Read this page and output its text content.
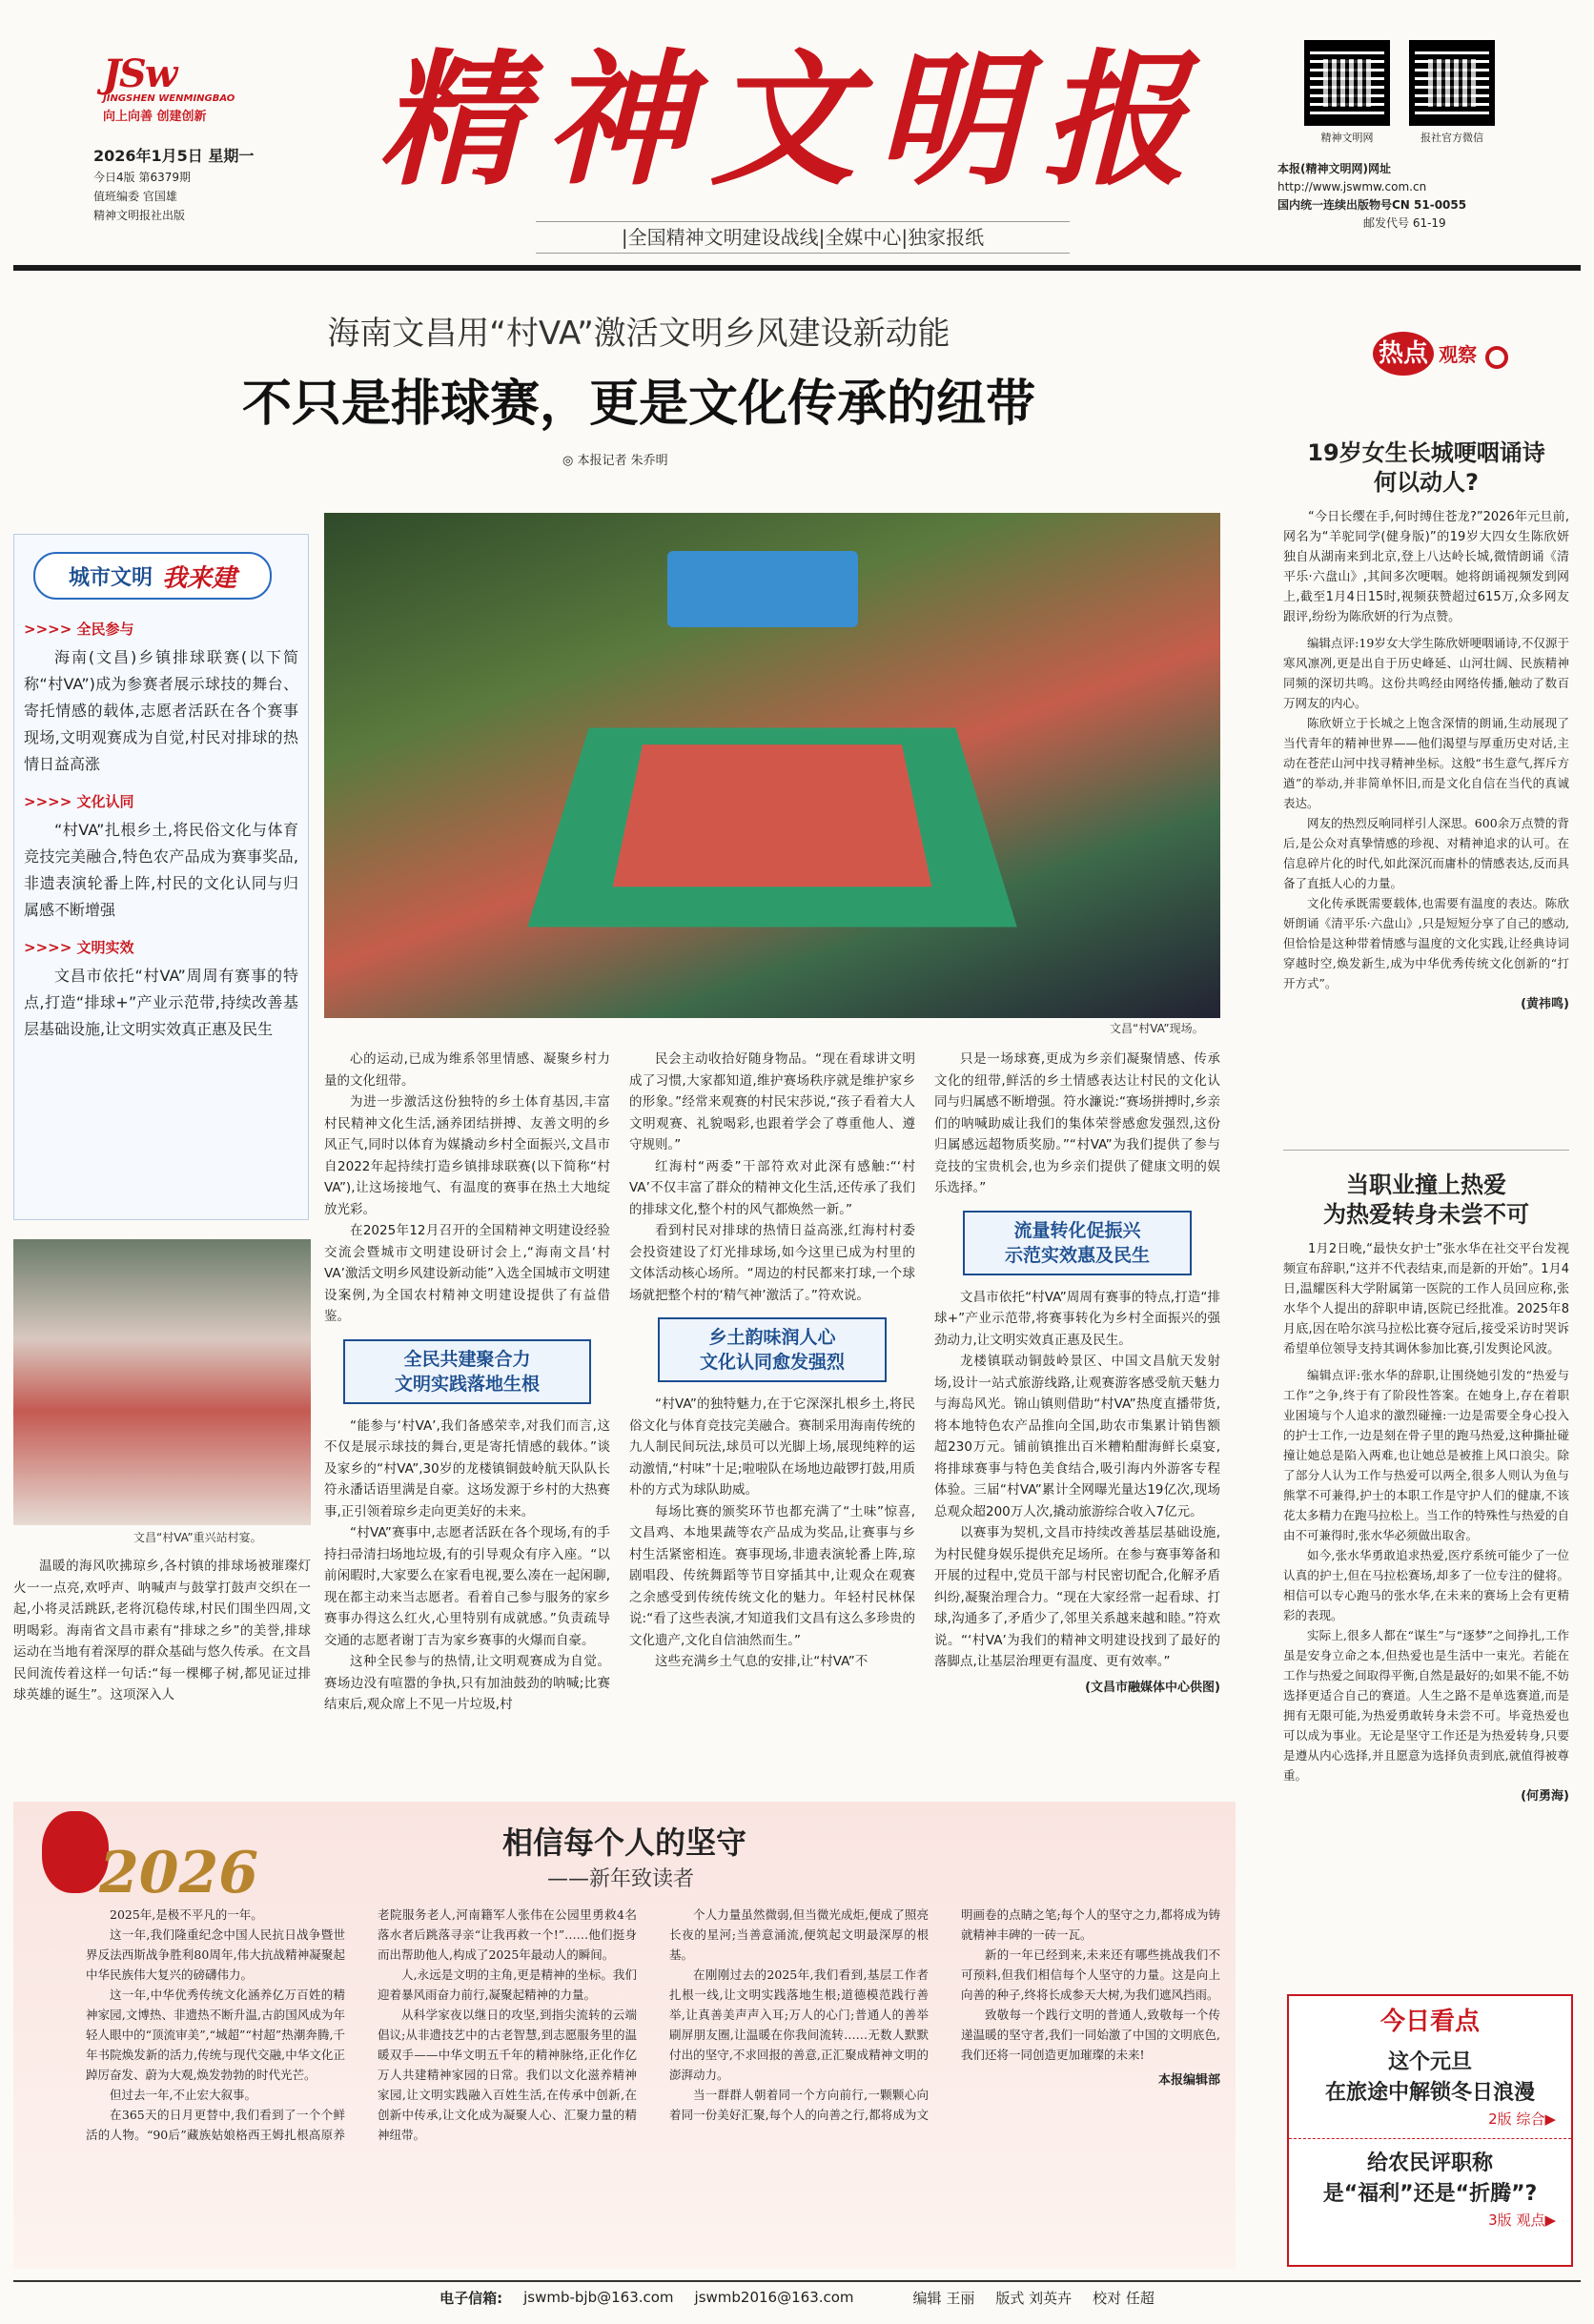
JSw
JINGSHEN WENMINGBAO
向上向善 创建创新
2026年1月5日 星期一
今日4版 第6379期
值班编委 官国雄
精神文明报社出版
精神文明报
|全国精神文明建设战线|全媒中心|独家报纸
精神文明网	报社官方微信
本报(精神文明网)网址
http://www.jswmw.com.cn
国内统一连续出版物号CN 51-0055
邮发代号 61-19
海南文昌用“村VA”激活文明乡风建设新动能
不只是排球赛，更是文化传承的纽带
◎ 本报记者 朱乔明
城市文明 我来建
>>>> 全民参与

海南(文昌)乡镇排球联赛(以下简称“村VA”)成为参赛者展示球技的舞台、寄托情感的载体,志愿者活跃在各个赛事现场,文明观赛成为自觉,村民对排球的热情日益高涨

>>>> 文化认同

“村VA”扎根乡土,将民俗文化与体育竞技完美融合,特色农产品成为赛事奖品,非遗表演轮番上阵,村民的文化认同与归属感不断增强

>>>> 文明实效

文昌市依托“村VA”周周有赛事的特点,打造“排球+”产业示范带,持续改善基层基础设施,让文明实效真正惠及民生	文昌“村VA”现场。
文昌“村VA”重兴站村宴。

温暖的海风吹拂琼乡,各村镇的排球场被璀璨灯火一一点亮,欢呼声、呐喊声与鼓掌打鼓声交织在一起,小将灵活跳跃,老将沉稳传球,村民们围坐四周,文明喝彩。海南省文昌市素有“排球之乡”的美誉,排球运动在当地有着深厚的群众基础与悠久传承。在文昌民间流传着这样一句话:“每一棵椰子树,都见证过排球英雄的诞生”。这项深入人

心的运动,已成为维系邻里情感、凝聚乡村力量的文化纽带。

为进一步激活这份独特的乡土体育基因,丰富村民精神文化生活,涵养团结拼搏、友善文明的乡风正气,同时以体育为媒撬动乡村全面振兴,文昌市自2022年起持续打造乡镇排球联赛(以下简称“村VA”),让这场接地气、有温度的赛事在热土大地绽放光彩。

在2025年12月召开的全国精神文明建设经验交流会暨城市文明建设研讨会上,“海南文昌‘村VA’激活文明乡风建设新动能”入选全国城市文明建设案例,为全国农村精神文明建设提供了有益借鉴。

全民共建聚合力
文明实践落地生根

“能参与‘村VA’,我们备感荣幸,对我们而言,这不仅是展示球技的舞台,更是寄托情感的载体。”谈及家乡的“村VA”,30岁的龙楼镇铜鼓岭航天队队长符永潘话语里满是自豪。这场发源于乡村的大热赛事,正引领着琼乡走向更美好的未来。

“村VA”赛事中,志愿者活跃在各个现场,有的手持扫帚清扫场地垃圾,有的引导观众有序入座。“以前闲暇时,大家要么在家看电视,要么凑在一起闲聊,现在都主动来当志愿者。看着自己参与服务的家乡赛事办得这么红火,心里特别有成就感。”负责疏导交通的志愿者谢丁吉为家乡赛事的火爆而自豪。

这种全民参与的热情,让文明观赛成为自觉。赛场边没有喧嚣的争执,只有加油鼓劲的呐喊;比赛结束后,观众席上不见一片垃圾,村

民会主动收拾好随身物品。“现在看球讲文明成了习惯,大家都知道,维护赛场秩序就是维护家乡的形象。”经常来观赛的村民宋莎说,“孩子看着大人文明观赛、礼貌喝彩,也跟着学会了尊重他人、遵守规则。”

红海村“两委”干部符欢对此深有感触:“‘村VA’不仅丰富了群众的精神文化生活,还传承了我们的排球文化,整个村的风气都焕然一新。”

看到村民对排球的热情日益高涨,红海村村委会投资建设了灯光排球场,如今这里已成为村里的文体活动核心场所。“周边的村民都来打球,一个球场就把整个村的‘精气神’激活了。”符欢说。

乡土韵味润人心
文化认同愈发强烈

“村VA”的独特魅力,在于它深深扎根乡土,将民俗文化与体育竞技完美融合。赛制采用海南传统的九人制民间玩法,球员可以光脚上场,展现纯粹的运动激情,“村味”十足;啦啦队在场地边敲锣打鼓,用质朴的方式为球队助威。

每场比赛的颁奖环节也都充满了“土味”惊喜,文昌鸡、本地果蔬等农产品成为奖品,让赛事与乡村生活紧密相连。赛事现场,非遗表演轮番上阵,琼剧唱段、传统舞蹈等节目穿插其中,让观众在观赛之余感受到传统传统文化的魅力。年轻村民林保说:“看了这些表演,才知道我们文昌有这么多珍贵的文化遗产,文化自信油然而生。”

这些充满乡土气息的安排,让“村VA”不

只是一场球赛,更成为乡亲们凝聚情感、传承文化的纽带,鲜活的乡土情感表达让村民的文化认同与归属感不断增强。符水濂说:“赛场拼搏时,乡亲们的呐喊助威让我们的集体荣誉感愈发强烈,这份归属感远超物质奖励。”“村VA”为我们提供了参与竞技的宝贵机会,也为乡亲们提供了健康文明的娱乐选择。”

流量转化促振兴
示范实效惠及民生

文昌市依托“村VA”周周有赛事的特点,打造“排球+”产业示范带,将赛事转化为乡村全面振兴的强劲动力,让文明实效真正惠及民生。

龙楼镇联动铜鼓岭景区、中国文昌航天发射场,设计一站式旅游线路,让观赛游客感受航天魅力与海岛风光。锦山镇则借助“村VA”热度直播带货,将本地特色农产品推向全国,助农市集累计销售额超230万元。铺前镇推出百米糟粕酣海鲜长桌宴,将排球赛事与特色美食结合,吸引海内外游客专程体验。三届“村VA”累计全网曝光量达19亿次,现场总观众超200万人次,撬动旅游综合收入7亿元。

以赛事为契机,文昌市持续改善基层基础设施,为村民健身娱乐提供充足场所。在参与赛事筹备和开展的过程中,党员干部与村民密切配合,化解矛盾纠纷,凝聚治理合力。“现在大家经常一起看球、打球,沟通多了,矛盾少了,邻里关系越来越和睦。”符欢说。“‘村VA’为我们的精神文明建设找到了最好的落脚点,让基层治理更有温度、更有效率。”

(文昌市融媒体中心供图)
热点 观察
19岁女生长城哽咽诵诗
何以动人?

“今日长缨在手,何时缚住苍龙?”2026年元旦前,网名为“羊驼同学(健身版)”的19岁大四女生陈欣妍独自从湖南来到北京,登上八达岭长城,微情朗诵《清平乐·六盘山》,其间多次哽咽。她将朗诵视频发到网上,截至1月4日15时,视频获赞超过615万,众多网友跟评,纷纷为陈欣妍的行为点赞。

编辑点评:19岁女大学生陈欣妍哽咽诵诗,不仅源于寒风凛冽,更是出自于历史峰延、山河壮阔、民族精神同频的深切共鸣。这份共鸣经由网络传播,触动了数百万网友的内心。

陈欣妍立于长城之上饱含深情的朗诵,生动展现了当代青年的精神世界——他们渴望与厚重历史对话,主动在苍茫山河中找寻精神坐标。这般“书生意气,挥斥方遒”的举动,并非简单怀旧,而是文化自信在当代的真诚表达。

网友的热烈反响同样引人深思。600余万点赞的背后,是公众对真挚情感的珍视、对精神追求的认可。在信息碎片化的时代,如此深沉而庸朴的情感表达,反而具备了直抵人心的力量。

文化传承既需要载体,也需要有温度的表达。陈欣妍朗诵《清平乐·六盘山》,只是短短分享了自己的感动,但恰恰是这种带着情感与温度的文化实践,让经典诗词穿越时空,焕发新生,成为中华优秀传统文化创新的“打开方式”。

(黄祎鸣)
当职业撞上热爱
为热爱转身未尝不可

1月2日晚,“最快女护士”张水华在社交平台发视频宣布辞职,“这并不代表结束,而是新的开始”。1月4日,温耀医科大学附属第一医院的工作人员回应称,张水华个人提出的辞职申请,医院已经批准。2025年8月底,因在哈尔滨马拉松比赛夺冠后,接受采访时哭诉希望单位领导支持其调休参加比赛,引发舆论风波。

编辑点评:张水华的辞职,让围绕她引发的“热爱与工作”之争,终于有了阶段性答案。在她身上,存在着职业困境与个人追求的激烈碰撞:一边是需要全身心投入的护士工作,一边是刻在骨子里的跑马热爱,这种撕扯碰撞让她总是陷入两难,也让她总是被推上风口浪尖。除了部分人认为工作与热爱可以两全,很多人则认为鱼与熊掌不可兼得,护士的本职工作是守护人们的健康,不该花太多精力在跑马拉松上。当工作的特殊性与热爱的自由不可兼得时,张水华必须做出取舍。

如今,张水华勇敢追求热爱,医疗系统可能少了一位认真的护士,但在马拉松赛场,却多了一位专注的健将。相信可以专心跑马的张水华,在未来的赛场上会有更精彩的表现。

实际上,很多人都在“谋生”与“逐梦”之间挣扎,工作虽是安身立命之本,但热爱也是生活中一束光。若能在工作与热爱之间取得平衡,自然是最好的;如果不能,不妨选择更适合自己的赛道。人生之路不是单选赛道,而是拥有无限可能,为热爱勇敢转身未尝不可。毕竟热爱也可以成为事业。无论是坚守工作还是为热爱转身,只要是遵从内心选择,并且愿意为选择负责到底,就值得被尊重。

(何勇海)
今日看点
这个元旦
在旅途中解锁冬日浪漫
2版 综合▶
给农民评职称
是“福利”还是“折腾”?
3版 观点▶
2026	相信每个人的坚守
——新年致读者

2025年,是极不平凡的一年。

这一年,我们隆重纪念中国人民抗日战争暨世界反法西斯战争胜利80周年,伟大抗战精神凝聚起中华民族伟大复兴的磅礴伟力。

这一年,中华优秀传统文化涵养亿万百姓的精神家园,文博热、非遗热不断升温,古韵国风成为年轻人眼中的“顶流审美”,“城超”“村超”热潮奔腾,千年书院焕发新的活力,传统与现代交融,中华文化正踔厉奋发、蔚为大观,焕发勃勃的时代光芒。

但过去一年,不止宏大叙事。

在365天的日月更替中,我们看到了一个个鲜活的人物。“90后”藏族姑娘格西王姆扎根高原养老院服务老人,河南籍军人张伟在公园里勇救4名落水者后跳落寻亲“让我再救一个!”……他们挺身而出帮助他人,构成了2025年最动人的瞬间。

人,永远是文明的主角,更是精神的坐标。我们迎着暴风雨奋力前行,凝聚起精神的力量。

从科学家夜以继日的攻坚,到指尖流转的云端倡议;从非遗技艺中的古老智慧,到志愿服务里的温暖双手——中华文明五千年的精神脉络,正化作亿万人共建精神家园的日常。我们以文化滋养精神家园,让文明实践融入百姓生活,在传承中创新,在创新中传承,让文化成为凝聚人心、汇聚力量的精神纽带。

个人力量虽然微弱,但当微光成炬,便成了照亮长夜的星河;当善意涌流,便筑起文明最深厚的根基。

在刚刚过去的2025年,我们看到,基层工作者扎根一线,让文明实践落地生根;道德模范践行善举,让真善美声声入耳;万人的心门;普通人的善举刷屏朋友圈,让温暖在你我间流转……无数人默默付出的坚守,不求回报的善意,正汇聚成精神文明的澎湃动力。

当一群群人朝着同一个方向前行,一颗颗心向着同一份美好汇聚,每个人的向善之行,都将成为文明画卷的点睛之笔;每个人的坚守之力,都将成为铸就精神丰碑的一砖一瓦。

新的一年已经到来,未来还有哪些挑战我们不可预料,但我们相信每个人坚守的力量。这是向上向善的种子,终将长成参天大树,为我们遮风挡雨。

致敬每一个践行文明的普通人,致敬每一个传递温暖的坚守者,我们一同始激了中国的文明底色,我们还将一同创造更加璀璨的未来!

本报编辑部
电子信箱: jswmb-bjb@163.com jswmb2016@163.com	编辑 王丽 版式 刘英卉 校对 任超
